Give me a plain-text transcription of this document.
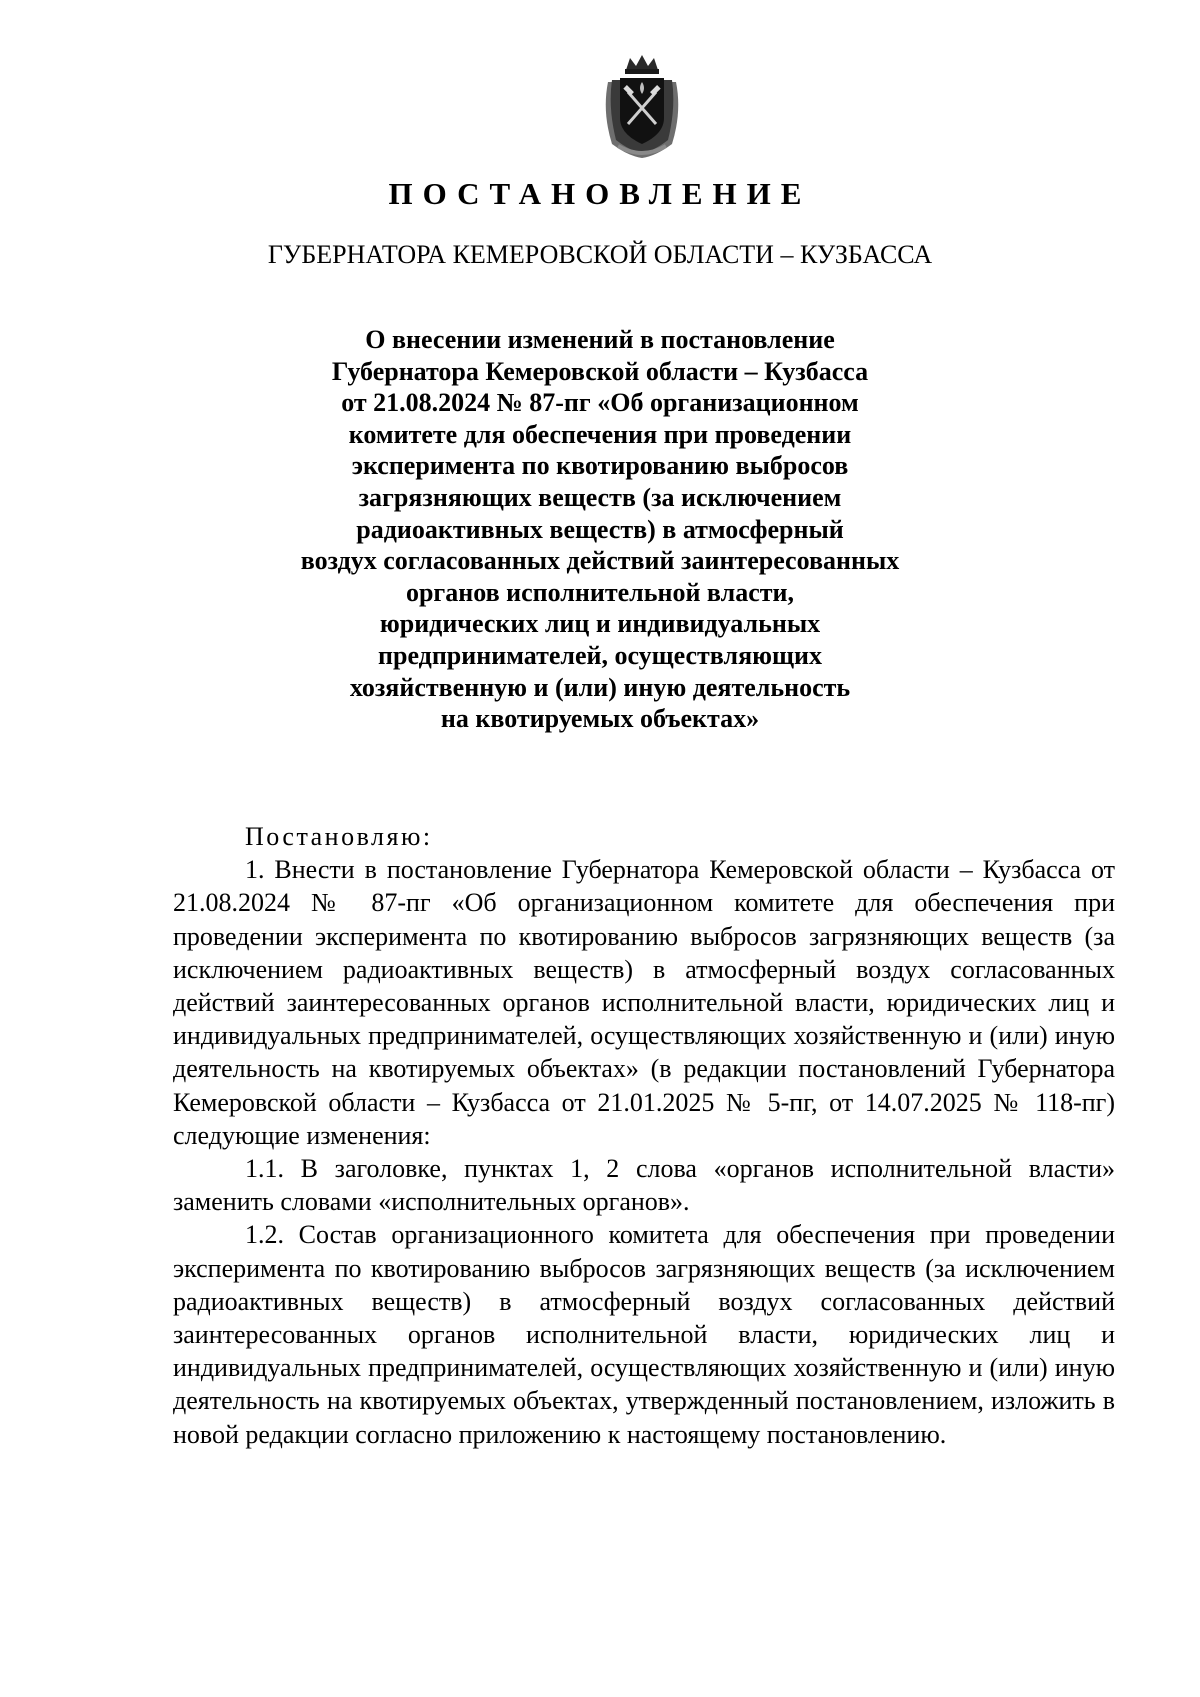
ПОСТАНОВЛЕНИЕ
ГУБЕРНАТОРА КЕМЕРОВСКОЙ ОБЛАСТИ – КУЗБАССА
О внесении изменений в постановление
Губернатора Кемеровской области – Кузбасса
от 21.08.2024 № 87-пг «Об организационном
комитете для обеспечения при проведении
эксперимента по квотированию выбросов
загрязняющих веществ (за исключением
радиоактивных веществ) в атмосферный
воздух согласованных действий заинтересованных
органов исполнительной власти,
юридических лиц и индивидуальных
предпринимателей, осуществляющих
хозяйственную и (или) иную деятельность
на квотируемых объектах»

Постановляю:

1. Внести в постановление Губернатора Кемеровской области – Кузбасса от 21.08.2024 № 87-пг «Об организационном комитете для обеспечения при проведении эксперимента по квотированию выбросов загрязняющих веществ (за исключением радиоактивных веществ) в атмосферный воздух согласованных действий заинтересованных органов исполнительной власти, юридических лиц и индивидуальных предпринимателей, осуществляющих хозяйственную и (или) иную деятельность на квотируемых объектах» (в редакции постановлений Губернатора Кемеровской области – Кузбасса от 21.01.2025 № 5-пг, от 14.07.2025 № 118-пг) следующие изменения:

1.1. В заголовке, пунктах 1, 2 слова «органов исполнительной власти» заменить словами «исполнительных органов».

1.2. Состав организационного комитета для обеспечения при проведении эксперимента по квотированию выбросов загрязняющих веществ (за исключением радиоактивных веществ) в атмосферный воздух согласованных действий заинтересованных органов исполнительной власти, юридических лиц и индивидуальных предпринимателей, осуществляющих хозяйственную и (или) иную деятельность на квотируемых объектах, утвержденный постановлением, изложить в новой редакции согласно приложению к настоящему постановлению.
